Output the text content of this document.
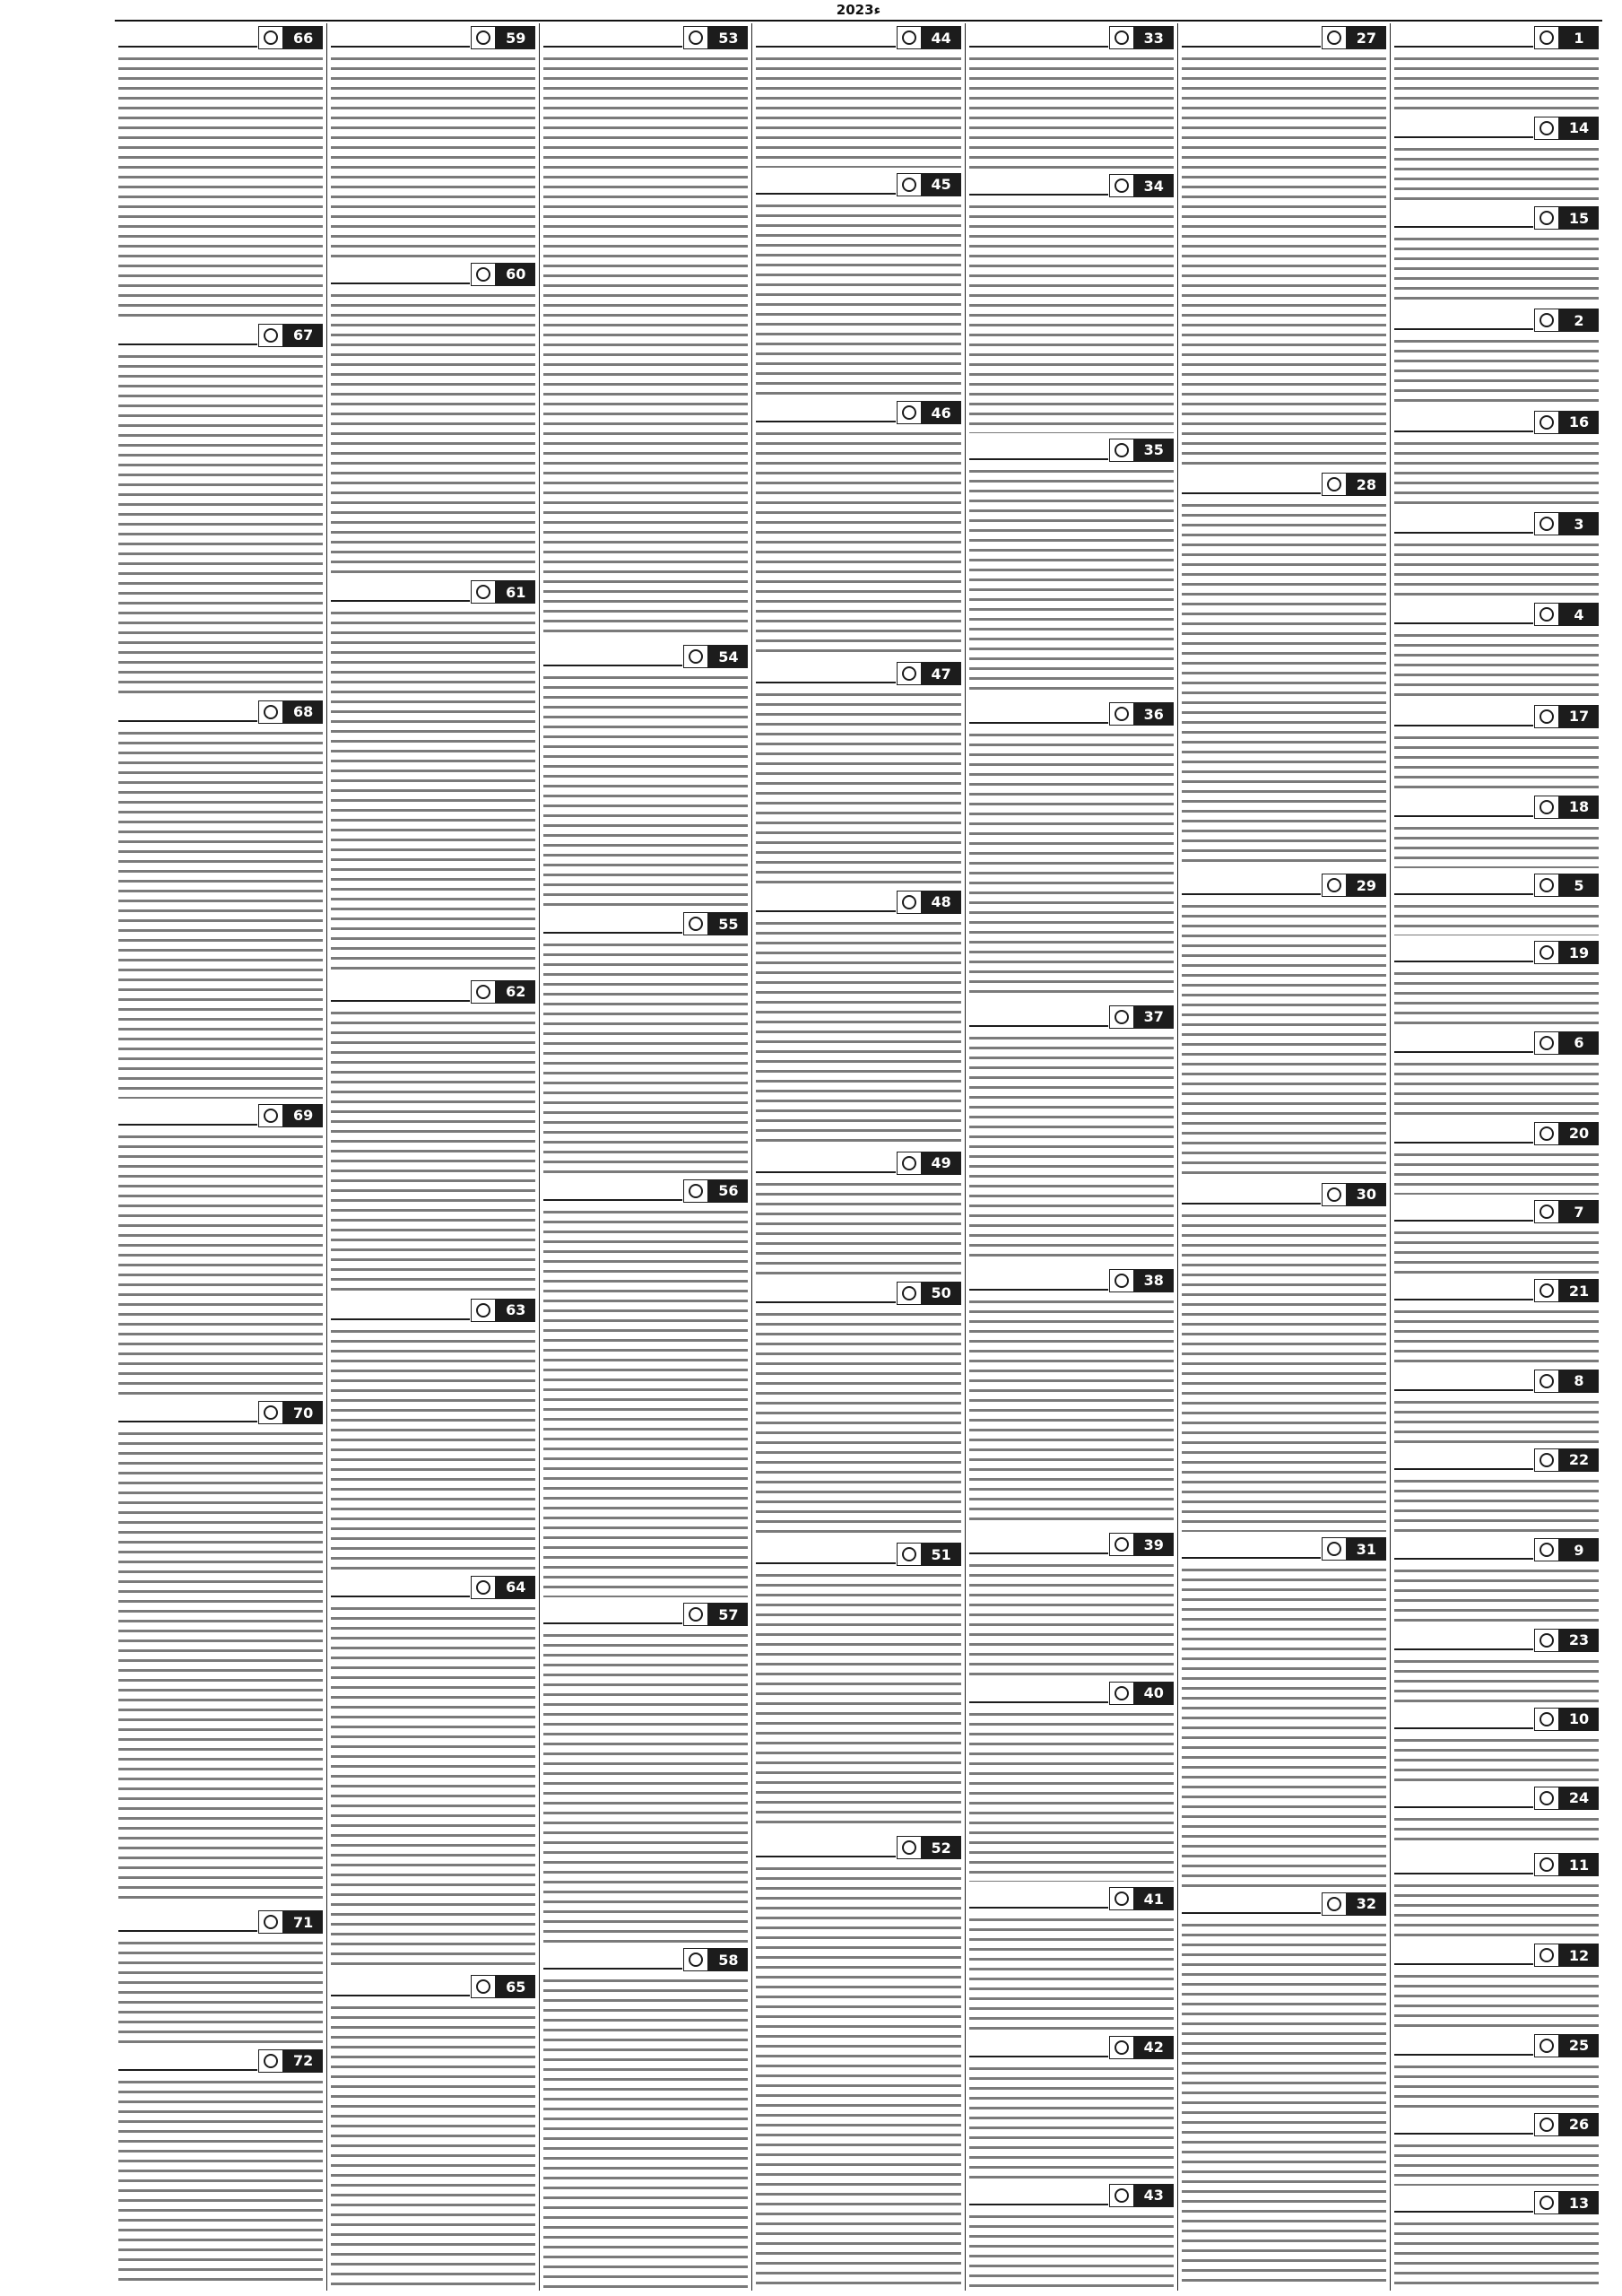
2023ء
1
14
15
2
16
3
4
17
18
5
19
6
20
7
21
8
22
9
23
10
24
11
12
25
26
13
27
28
29
30
31
32
33
34
35
36
37
38
39
40
41
42
43
44
45
46
47
48
49
50
51
52
53
54
55
56
57
58
59
60
61
62
63
64
65
66
67
68
69
70
71
72
